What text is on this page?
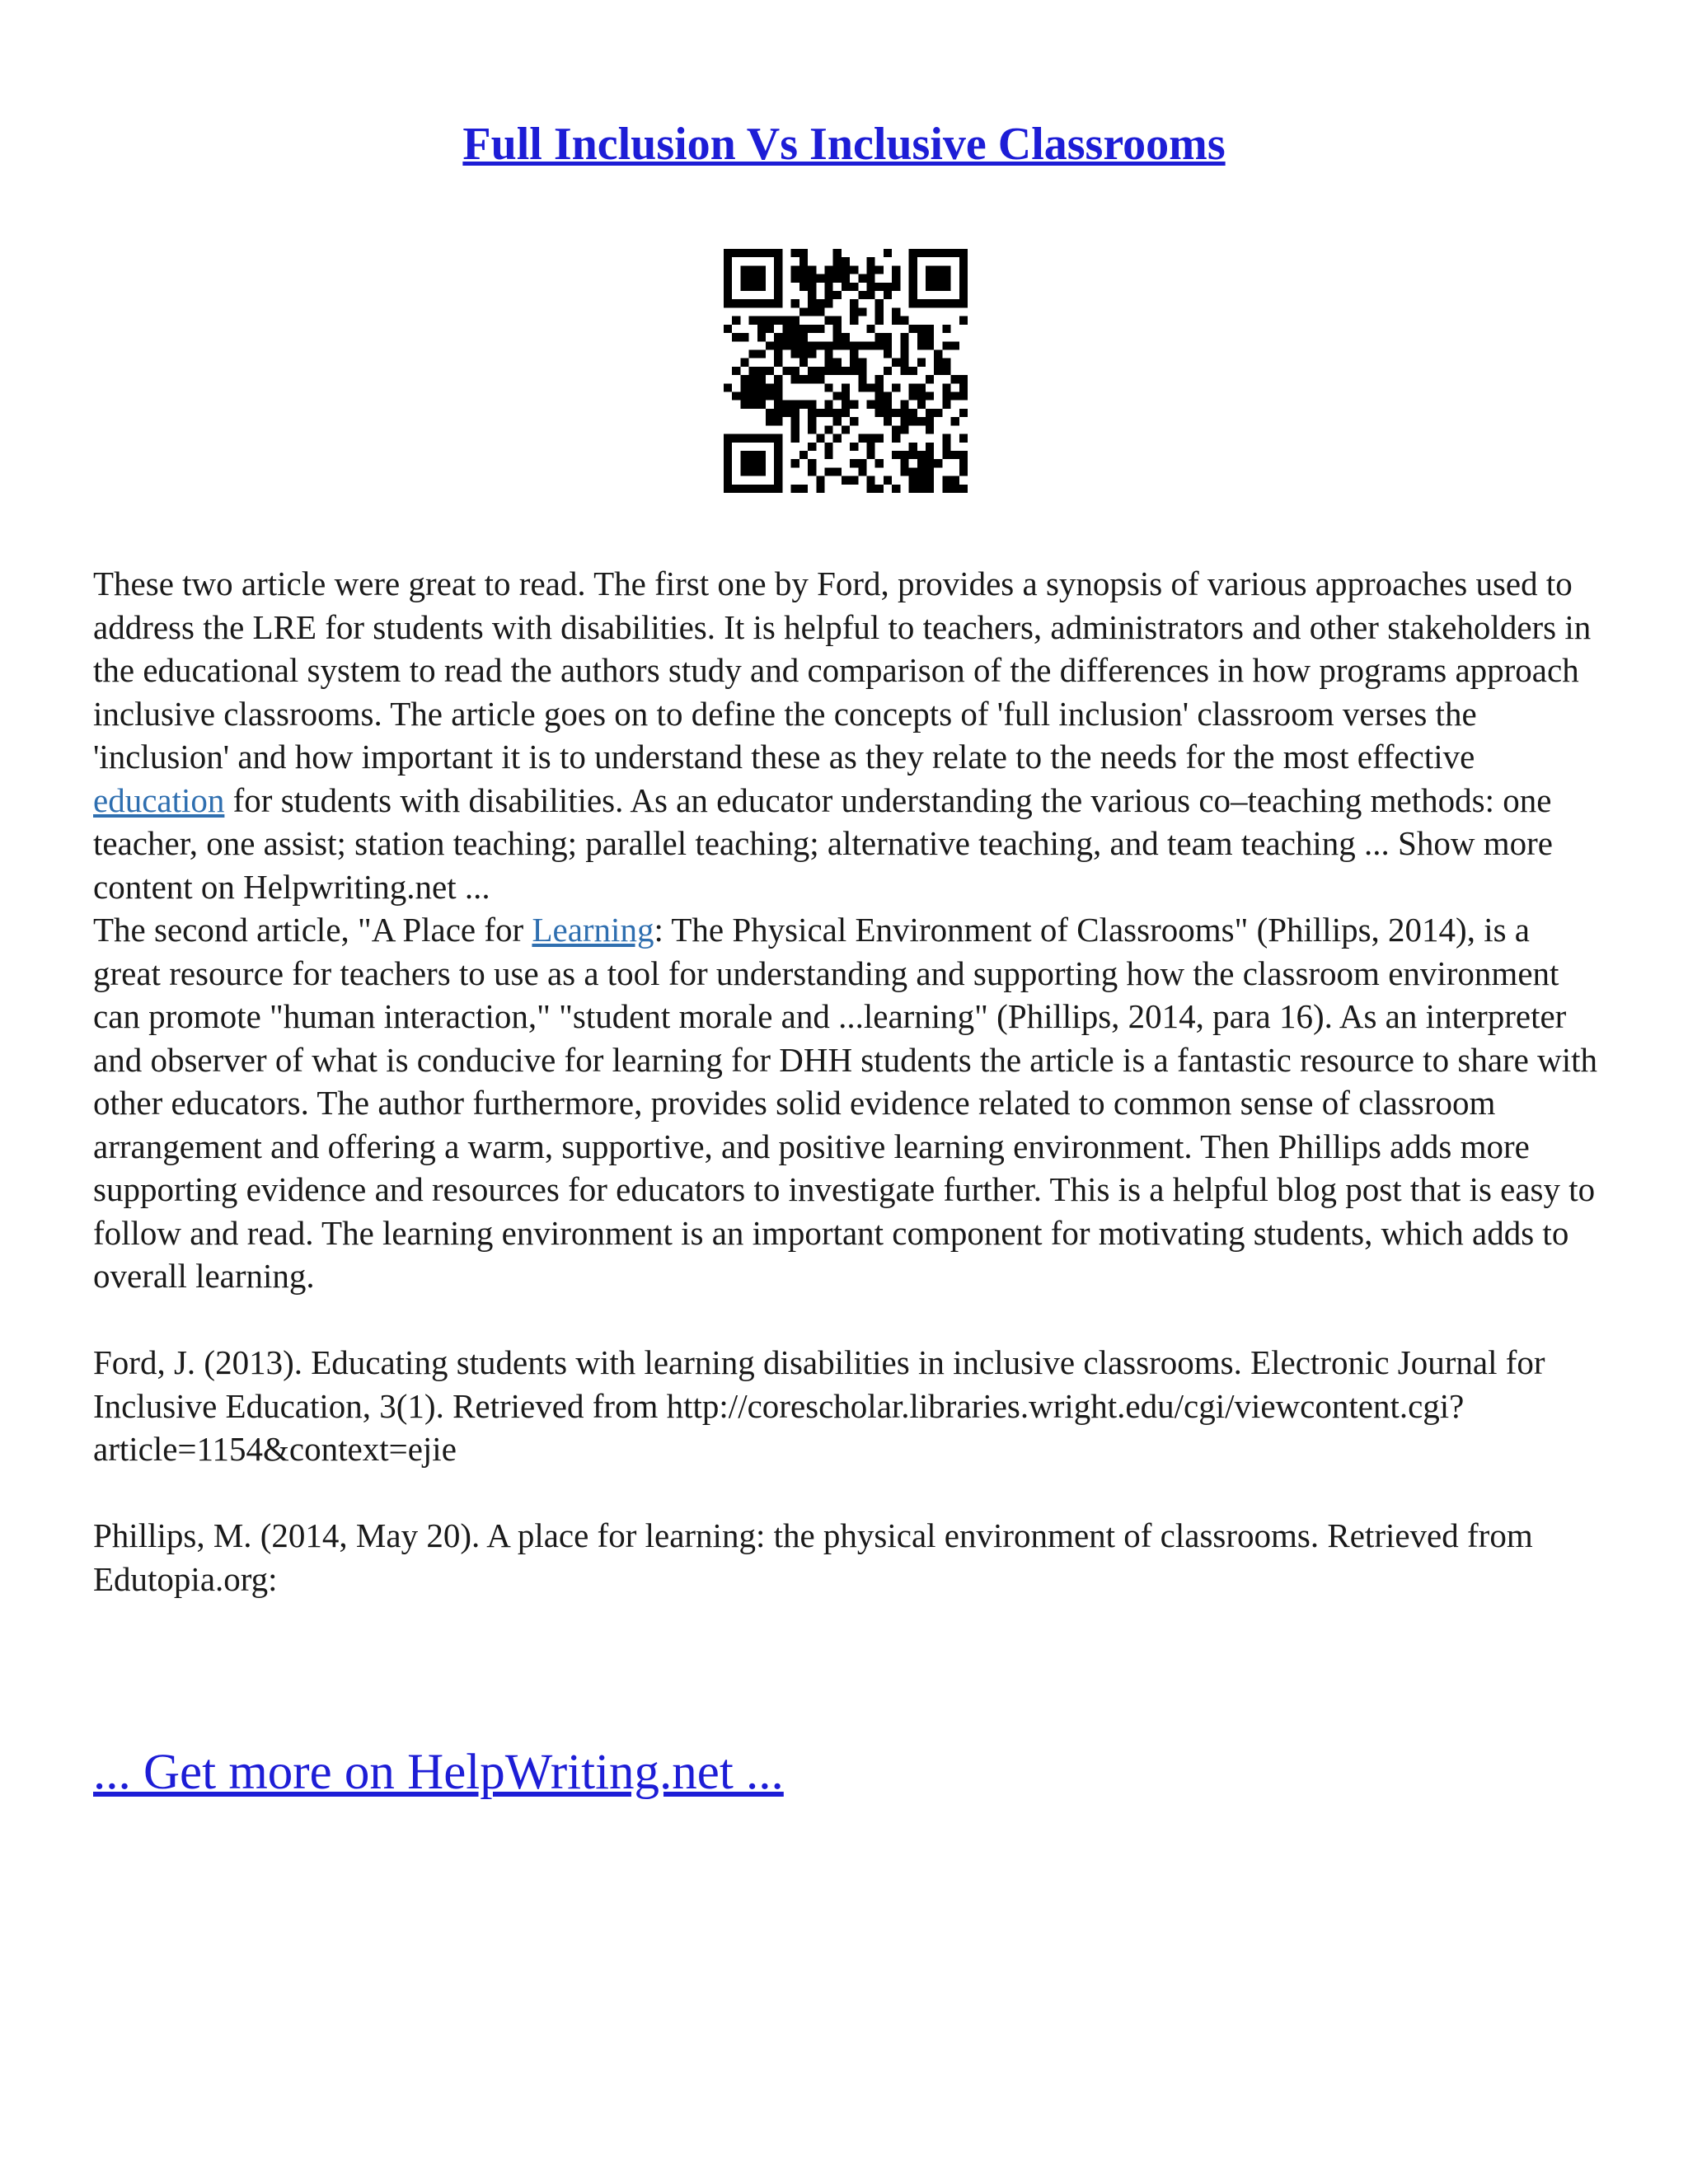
Full Inclusion Vs Inclusive Classrooms

These two article were great to read. The first one by Ford, provides a synopsis of various approaches used to address the LRE for students with disabilities. It is helpful to teachers, administrators and other stakeholders in the educational system to read the authors study and comparison of the differences in how programs approach inclusive classrooms. The article goes on to define the concepts of 'full inclusion' classroom verses the 'inclusion' and how important it is to understand these as they relate to the needs for the most effective education for students with disabilities. As an educator understanding the various co–teaching methods: one teacher, one assist; station teaching; parallel teaching; alternative teaching, and team teaching ... Show more content on Helpwriting.net ...

The second article, "A Place for Learning: The Physical Environment of Classrooms" (Phillips, 2014), is a great resource for teachers to use as a tool for understanding and supporting how the classroom environment can promote "human interaction," "student morale and ...learning" (Phillips, 2014, para 16). As an interpreter and observer of what is conducive for learning for DHH students the article is a fantastic resource to share with other educators. The author furthermore, provides solid evidence related to common sense of classroom arrangement and offering a warm, supportive, and positive learning environment. Then Phillips adds more supporting evidence and resources for educators to investigate further. This is a helpful blog post that is easy to follow and read. The learning environment is an important component for motivating students, which adds to overall learning.

Ford, J. (2013). Educating students with learning disabilities in inclusive classrooms. Electronic Journal for Inclusive Education, 3(1). Retrieved from http://corescholar.libraries.wright.edu/cgi/viewcontent.cgi?article=1154&context=ejie

Phillips, M. (2014, May 20). A place for learning: the physical environment of classrooms. Retrieved from Edutopia.org:

... Get more on HelpWriting.net ...
